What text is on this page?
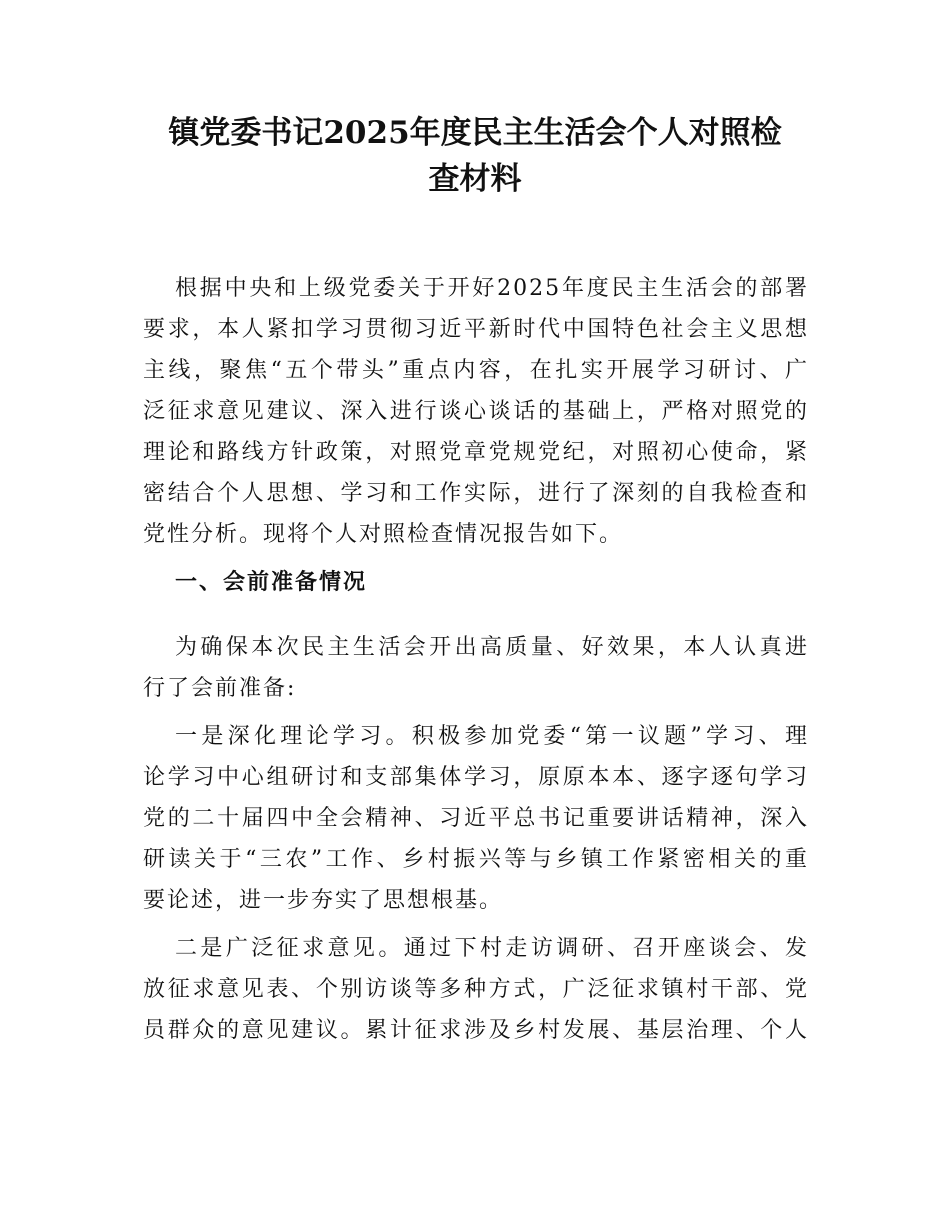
镇党委书记2025年度民主生活会个人对照检
查材料
根据中央和上级党委关于开好2025年度民主生活会的部署
要求，本人紧扣学习贯彻习近平新时代中国特色社会主义思想
主线，聚焦“五个带头”重点内容，在扎实开展学习研讨、广
泛征求意见建议、深入进行谈心谈话的基础上，严格对照党的
理论和路线方针政策，对照党章党规党纪，对照初心使命，紧
密结合个人思想、学习和工作实际，进行了深刻的自我检查和
党性分析。现将个人对照检查情况报告如下。
一、会前准备情况
为确保本次民主生活会开出高质量、好效果，本人认真进
行了会前准备:
一是深化理论学习。积极参加党委“第一议题”学习、理
论学习中心组研讨和支部集体学习，原原本本、逐字逐句学习
党的二十届四中全会精神、习近平总书记重要讲话精神，深入
研读关于“三农”工作、乡村振兴等与乡镇工作紧密相关的重
要论述，进一步夯实了思想根基。
二是广泛征求意见。通过下村走访调研、召开座谈会、发
放征求意见表、个别访谈等多种方式，广泛征求镇村干部、党
员群众的意见建议。累计征求涉及乡村发展、基层治理、个人
